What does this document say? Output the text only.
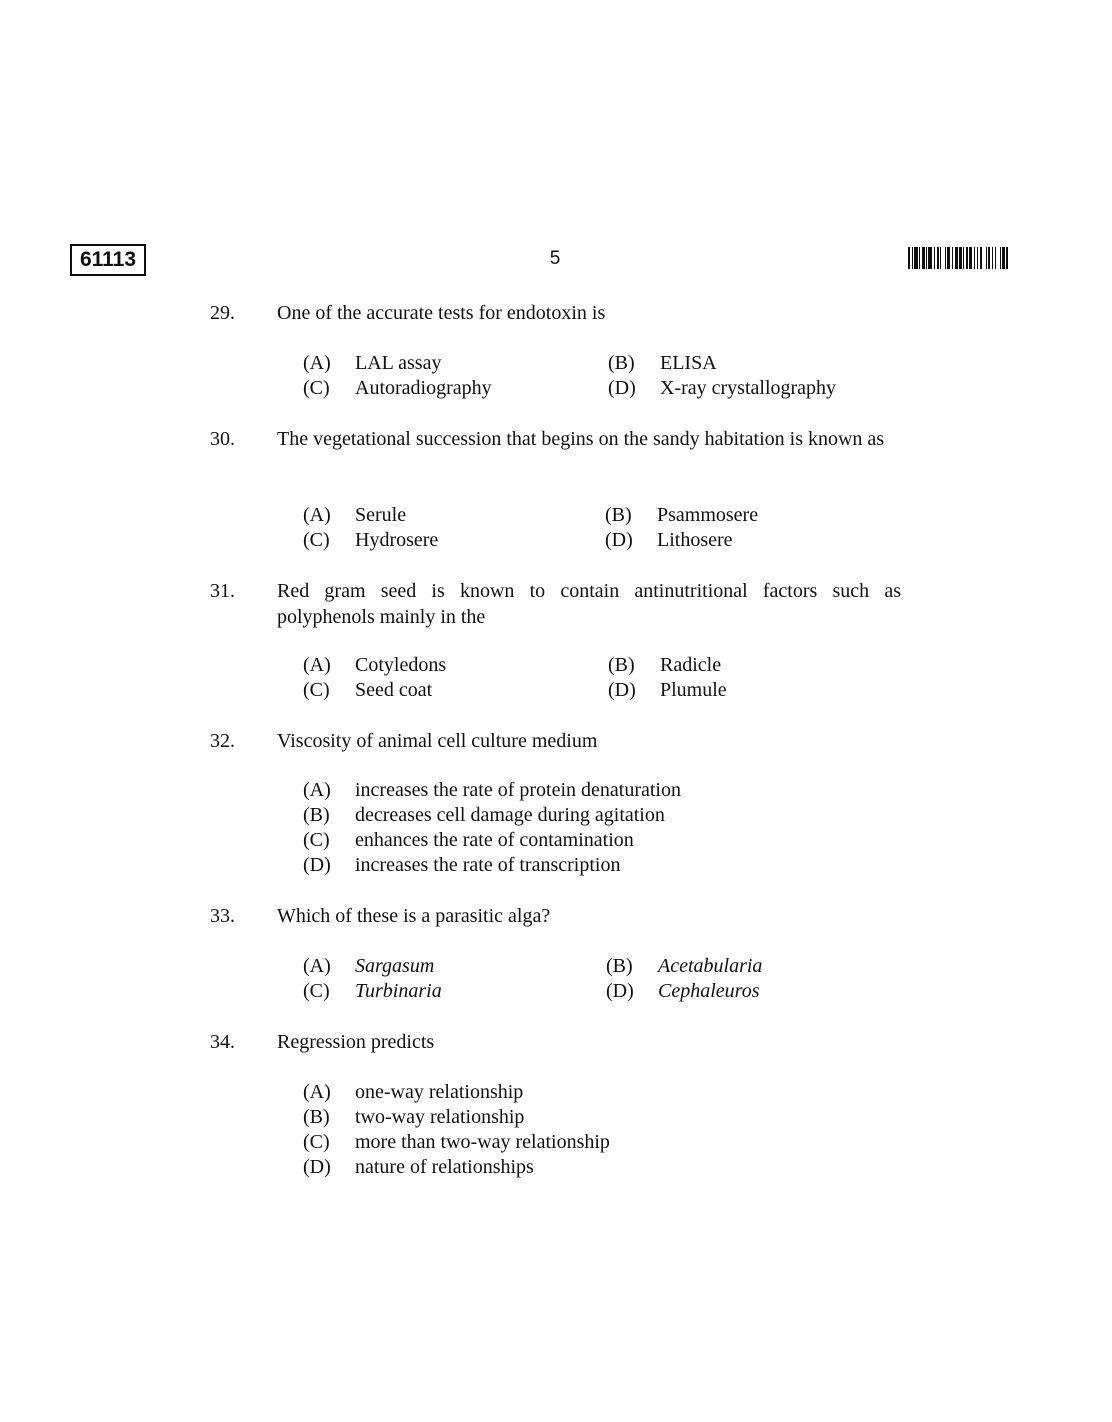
61113	5
29. One of the accurate tests for endotoxin is
(A) LAL assay	(B) ELISA
(C) Autoradiography	(D) X-ray crystallography
30. The vegetational succession that begins on the sandy habitation is known as
(A) Serule	(B) Psammosere
(C) Hydrosere	(D) Lithosere
31. Red gram seed is known to contain antinutritional factors such as polyphenols mainly in the
(A) Cotyledons	(B) Radicle
(C) Seed coat	(D) Plumule
32. Viscosity of animal cell culture medium
(A) increases the rate of protein denaturation
(B) decreases cell damage during agitation
(C) enhances the rate of contamination
(D) increases the rate of transcription
33. Which of these is a parasitic alga?
(A) Sargasum	(B) Acetabularia
(C) Turbinaria	(D) Cephaleuros
34. Regression predicts
(A) one-way relationship
(B) two-way relationship
(C) more than two-way relationship
(D) nature of relationships
